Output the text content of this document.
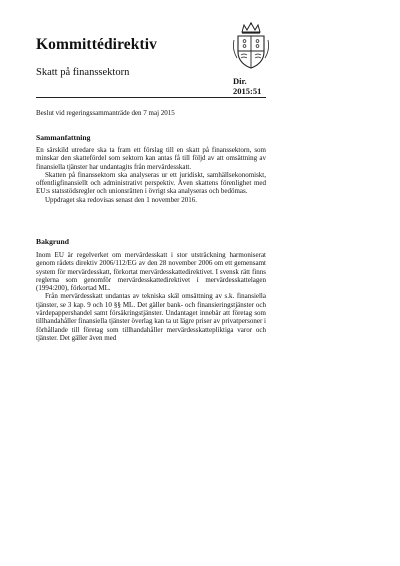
Kommittédirektiv
Skatt på finanssektorn
Dir.
2015:51
Beslut vid regeringssammanträde den 7 maj 2015
Sammanfattning

En särskild utredare ska ta fram ett förslag till en skatt på finanssektorn, som minskar den skattefördel som sektorn kan antas få till följd av att omsättning av finansiella tjänster har undantagits från mervärdesskatt.

Skatten på finanssektorn ska analyseras ur ett juridiskt, samhällsekonomiskt, offentligfinansiellt och administrativt perspektiv. Även skattens förenlighet med EU:s statsstödsregler och unionsrätten i övrigt ska analyseras och bedömas.

Uppdraget ska redovisas senast den 1 november 2016.

Bakgrund

Inom EU är regelverket om mervärdesskatt i stor utsträckning harmoniserat genom rådets direktiv 2006/112/EG av den 28 november 2006 om ett gemensamt system för mervärdesskatt, förkortat mervärdesskattedirektivet. I svensk rätt finns reglerna som genomför mervärdesskattedirektivet i mervärdesskattelagen (1994:200), förkortad ML.

Från mervärdesskatt undantas av tekniska skäl omsättning av s.k. finansiella tjänster, se 3 kap. 9 och 10 §§ ML. Det gäller bank- och finansieringstjänster och värdepappershandel samt försäkringstjänster. Undantaget innebär att företag som tillhandahåller finansiella tjänster överlag kan ta ut lägre priser av privatpersoner i förhållande till företag som tillhandahåller mervärdesskattepliktiga varor och tjänster. Det gäller även med
